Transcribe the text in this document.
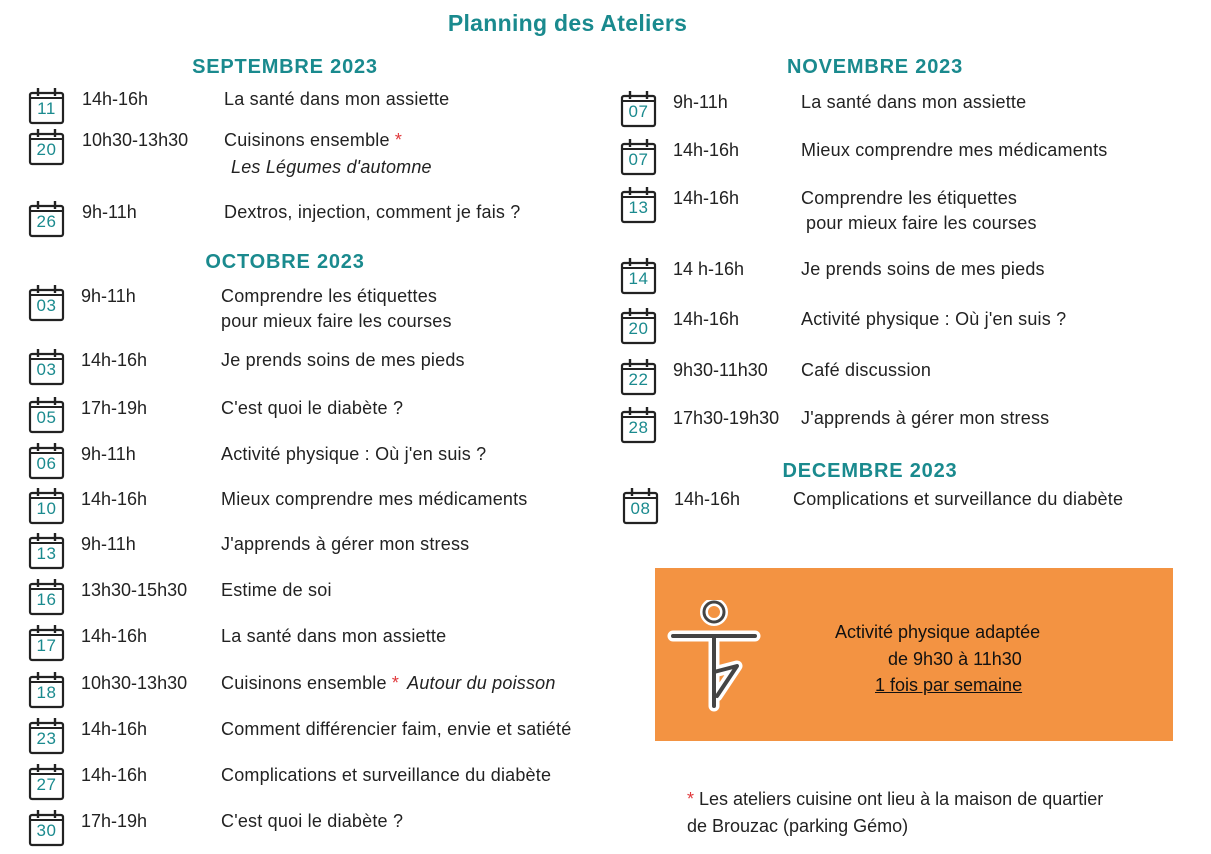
Planning des Ateliers
SEPTEMBRE 2023
OCTOBRE 2023
NOVEMBRE 2023
DECEMBRE 2023
11	14h-16h	La santé dans mon assiette
20	10h30-13h30 Cuisinons ensemble *
Les Légumes d'automne
26	9h-11h	Dextros, injection, comment je fais ?
03	9h-11h	Comprendre les étiquettes
pour mieux faire les courses
03	14h-16h	Je prends soins de mes pieds
05	17h-19h	C'est quoi le diabète ?
06	9h-11h	Activité physique : Où j'en suis ?
10	14h-16h	Mieux comprendre mes médicaments
13	9h-11h	J'apprends à gérer mon stress
16	13h30-15h30 Estime de soi
17	14h-16h	La santé dans mon assiette
18	10h30-13h30 Cuisinons ensemble * Autour du poisson
23	14h-16h	Comment différencier faim, envie et satiété
27	14h-16h	Complications et surveillance du diabète
30	17h-19h	C'est quoi le diabète ?
07	9h-11h	La santé dans mon assiette
07	14h-16h	Mieux comprendre mes médicaments
13	14h-16h	Comprendre les étiquettes
pour mieux faire les courses
14	14 h-16h	Je prends soins de mes pieds
20	14h-16h	Activité physique : Où j'en suis ?
22	9h30-11h30 Café discussion
28	17h30-19h30 J'apprends à gérer mon stress
08	14h-16h	Complications et surveillance du diabète
Activité physique adaptée
de 9h30 à 11h30
1 fois par semaine
* Les ateliers cuisine ont lieu à la maison de quartier
de Brouzac (parking Gémo)
